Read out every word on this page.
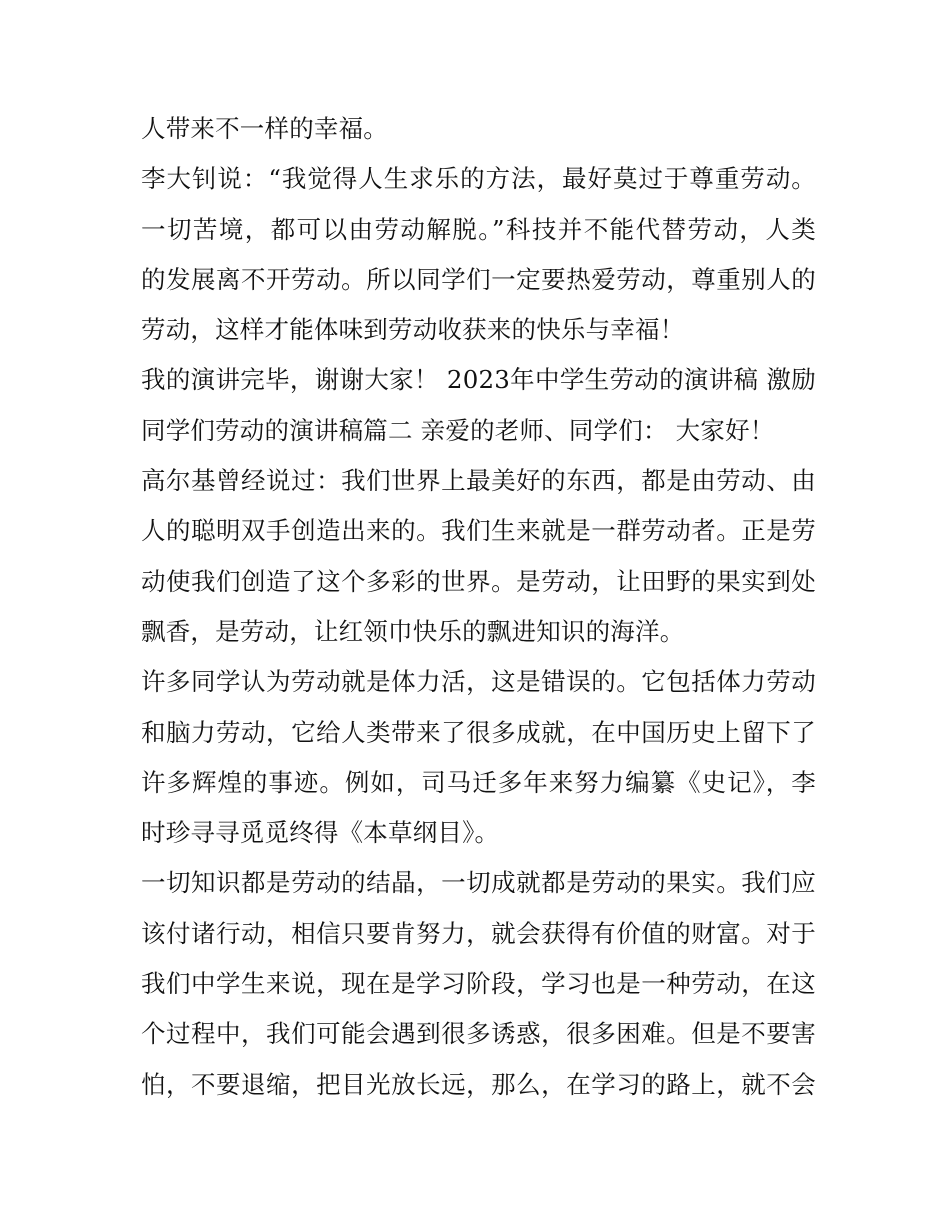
人带来不一样的幸福。
李大钊说：“我觉得人生求乐的方法，最好莫过于尊重劳动。
一切苦境，都可以由劳动解脱。”科技并不能代替劳动，人类
的发展离不开劳动。所以同学们一定要热爱劳动，尊重别人的
劳动，这样才能体味到劳动收获来的快乐与幸福！
我的演讲完毕，谢谢大家！ 2023年中学生劳动的演讲稿 激励
同学们劳动的演讲稿篇二 亲爱的老师、同学们： 大家好！
高尔基曾经说过：我们世界上最美好的东西，都是由劳动、由
人的聪明双手创造出来的。我们生来就是一群劳动者。正是劳
动使我们创造了这个多彩的世界。是劳动，让田野的果实到处
飘香，是劳动，让红领巾快乐的飘进知识的海洋。
许多同学认为劳动就是体力活，这是错误的。它包括体力劳动
和脑力劳动，它给人类带来了很多成就，在中国历史上留下了
许多辉煌的事迹。例如，司马迁多年来努力编纂《史记》，李
时珍寻寻觅觅终得《本草纲目》。
一切知识都是劳动的结晶，一切成就都是劳动的果实。我们应
该付诸行动，相信只要肯努力，就会获得有价值的财富。对于
我们中学生来说，现在是学习阶段，学习也是一种劳动，在这
个过程中，我们可能会遇到很多诱惑，很多困难。但是不要害
怕，不要退缩，把目光放长远，那么，在学习的路上，就不会
